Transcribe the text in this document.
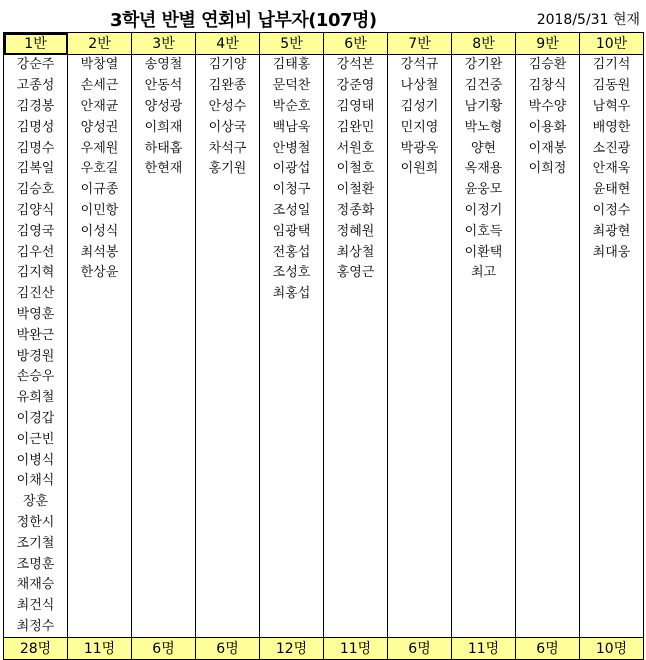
3학년 반별 연회비 납부자(107명)	2018/5/31 현재
1반	2반	3반	4반	5반	6반	7반	8반	9반	10반
강순주	박창열	송영철	김기양	김태홍	강석본	강석규	강기완	김승환	김기석
고종성	손세근	안동석	김완종	문덕찬	강준영	나상철	김건중	김창식	김동원
김경봉	안재균	양성광	안성수	박순호	김영태	김성기	남기황	박수양	남혁우
김명성	양성권	이희재	이상국	백남욱	김완민	민지영	박노형	이용화	배영한
김명수	우제원	하태홉	차석구	안병철	서원호	박광욱	양현	이재봉	소진광
김복일	우호길	한현재	홍기원	이광섭	이철호	이원희	옥재용	이희정	안재욱
김승호	이규종			이청구	이철환		윤웅모		윤태현
김양식	이민항			조성일	정종화		이정기		이정수
김영국	이성식			임광택	정혜원		이호득		최광현
김우선	최석봉			전홍섭	최상철		이환택		최대웅
김지혁	한상윤			조성호	홍영근		최고		
김진산				최홍섭					
박영훈									
박완근									
방경원									
손승우									
유희철									
이경갑									
이근빈									
이병식									
이채식									
장훈									
정한시									
조기철									
조명훈									
채재승									
최건식									
최정수									
28명	11명	6명	6명	12명	11명	6명	11명	6명	10명
